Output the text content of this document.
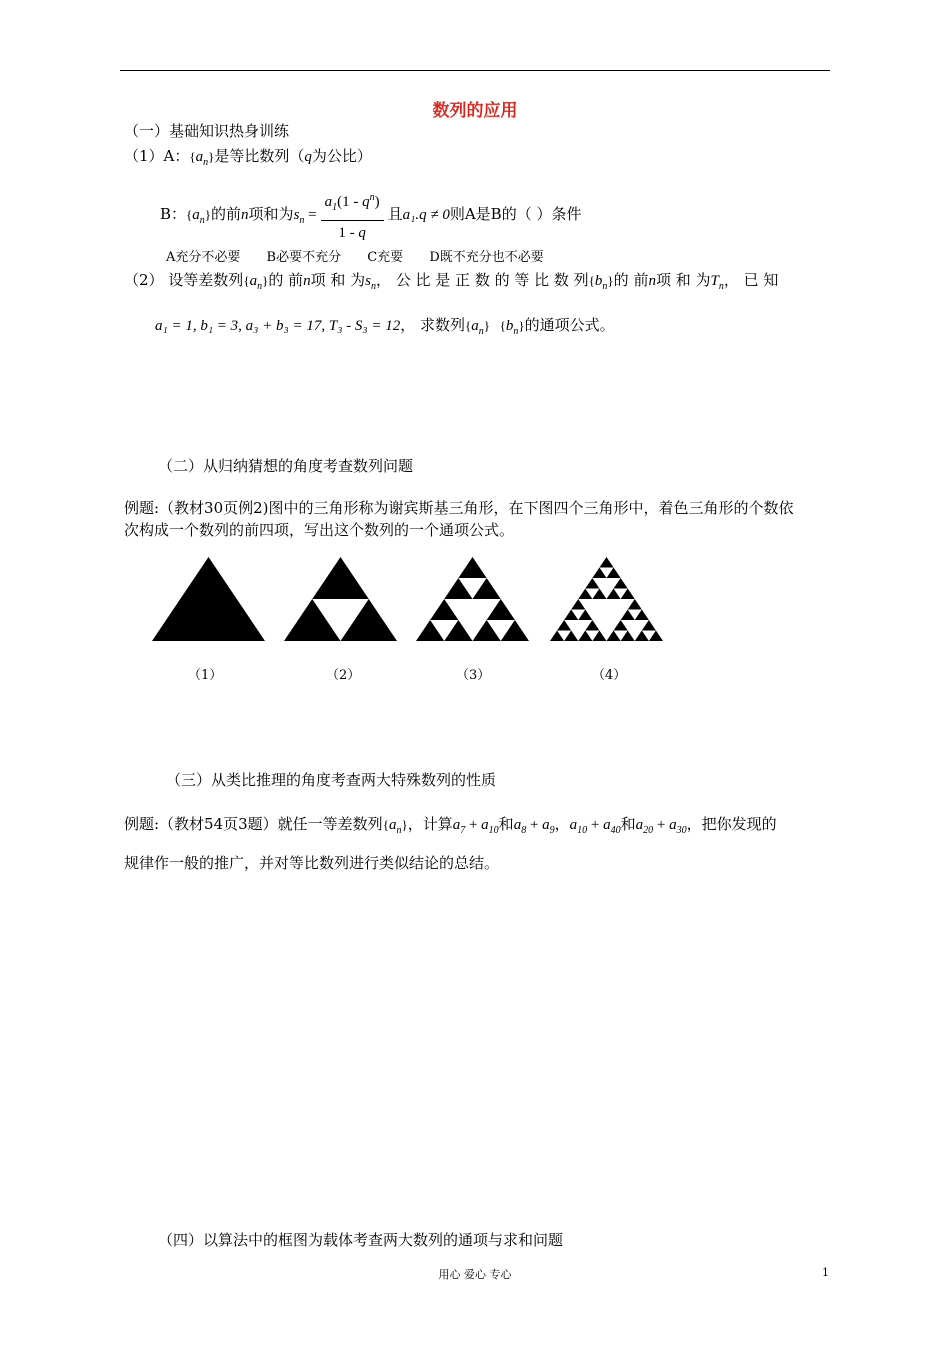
数列的应用
（一）基础知识热身训练
（1）A：$\{a_n\}$是等比数列（q为公比）
B：$\{a_n\}$的前n项和为$s_n = \frac{a_1(1 - q^n)}{1 - q}$ 且a₁.q ≠ 0则A是B的（ ）条件
A充分不必要 B必要不充分 C充要 D既不充分也不必要
（2） 设等差数列$\{a_n\}$的 前n项 和 为$s_n$， 公 比 是 正 数 的 等 比 数 列$\{b_n\}$的 前n项 和 为$T_n$， 已 知
a₁ = 1, b₁ = 3, a₃ + b₃ = 17, T₃ - S₃ = 12， 求数列$\{a_n\}$ $\{b_n\}$的通项公式。
（二）从归纳猜想的角度考查数列问题
例题:（教材30页例2)图中的三角形称为谢宾斯基三角形，在下图四个三角形中，着色三角形的个数依
次构成一个数列的前四项，写出这个数列的一个通项公式。
（1）	（2）	（3）	（4）
（三）从类比推理的角度考查两大特殊数列的性质
例题:（教材54页3题）就任一等差数列$\{a_n\}$，计算$a_7 + a_{10}$和$a_8 + a_9$，$a_{10} + a_{40}$和$a_{20} + a_{30}$，把你发现的
规律作一般的推广，并对等比数列进行类似结论的总结。
（四）以算法中的框图为载体考查两大数列的通项与求和问题
用心 爱心 专心	1
